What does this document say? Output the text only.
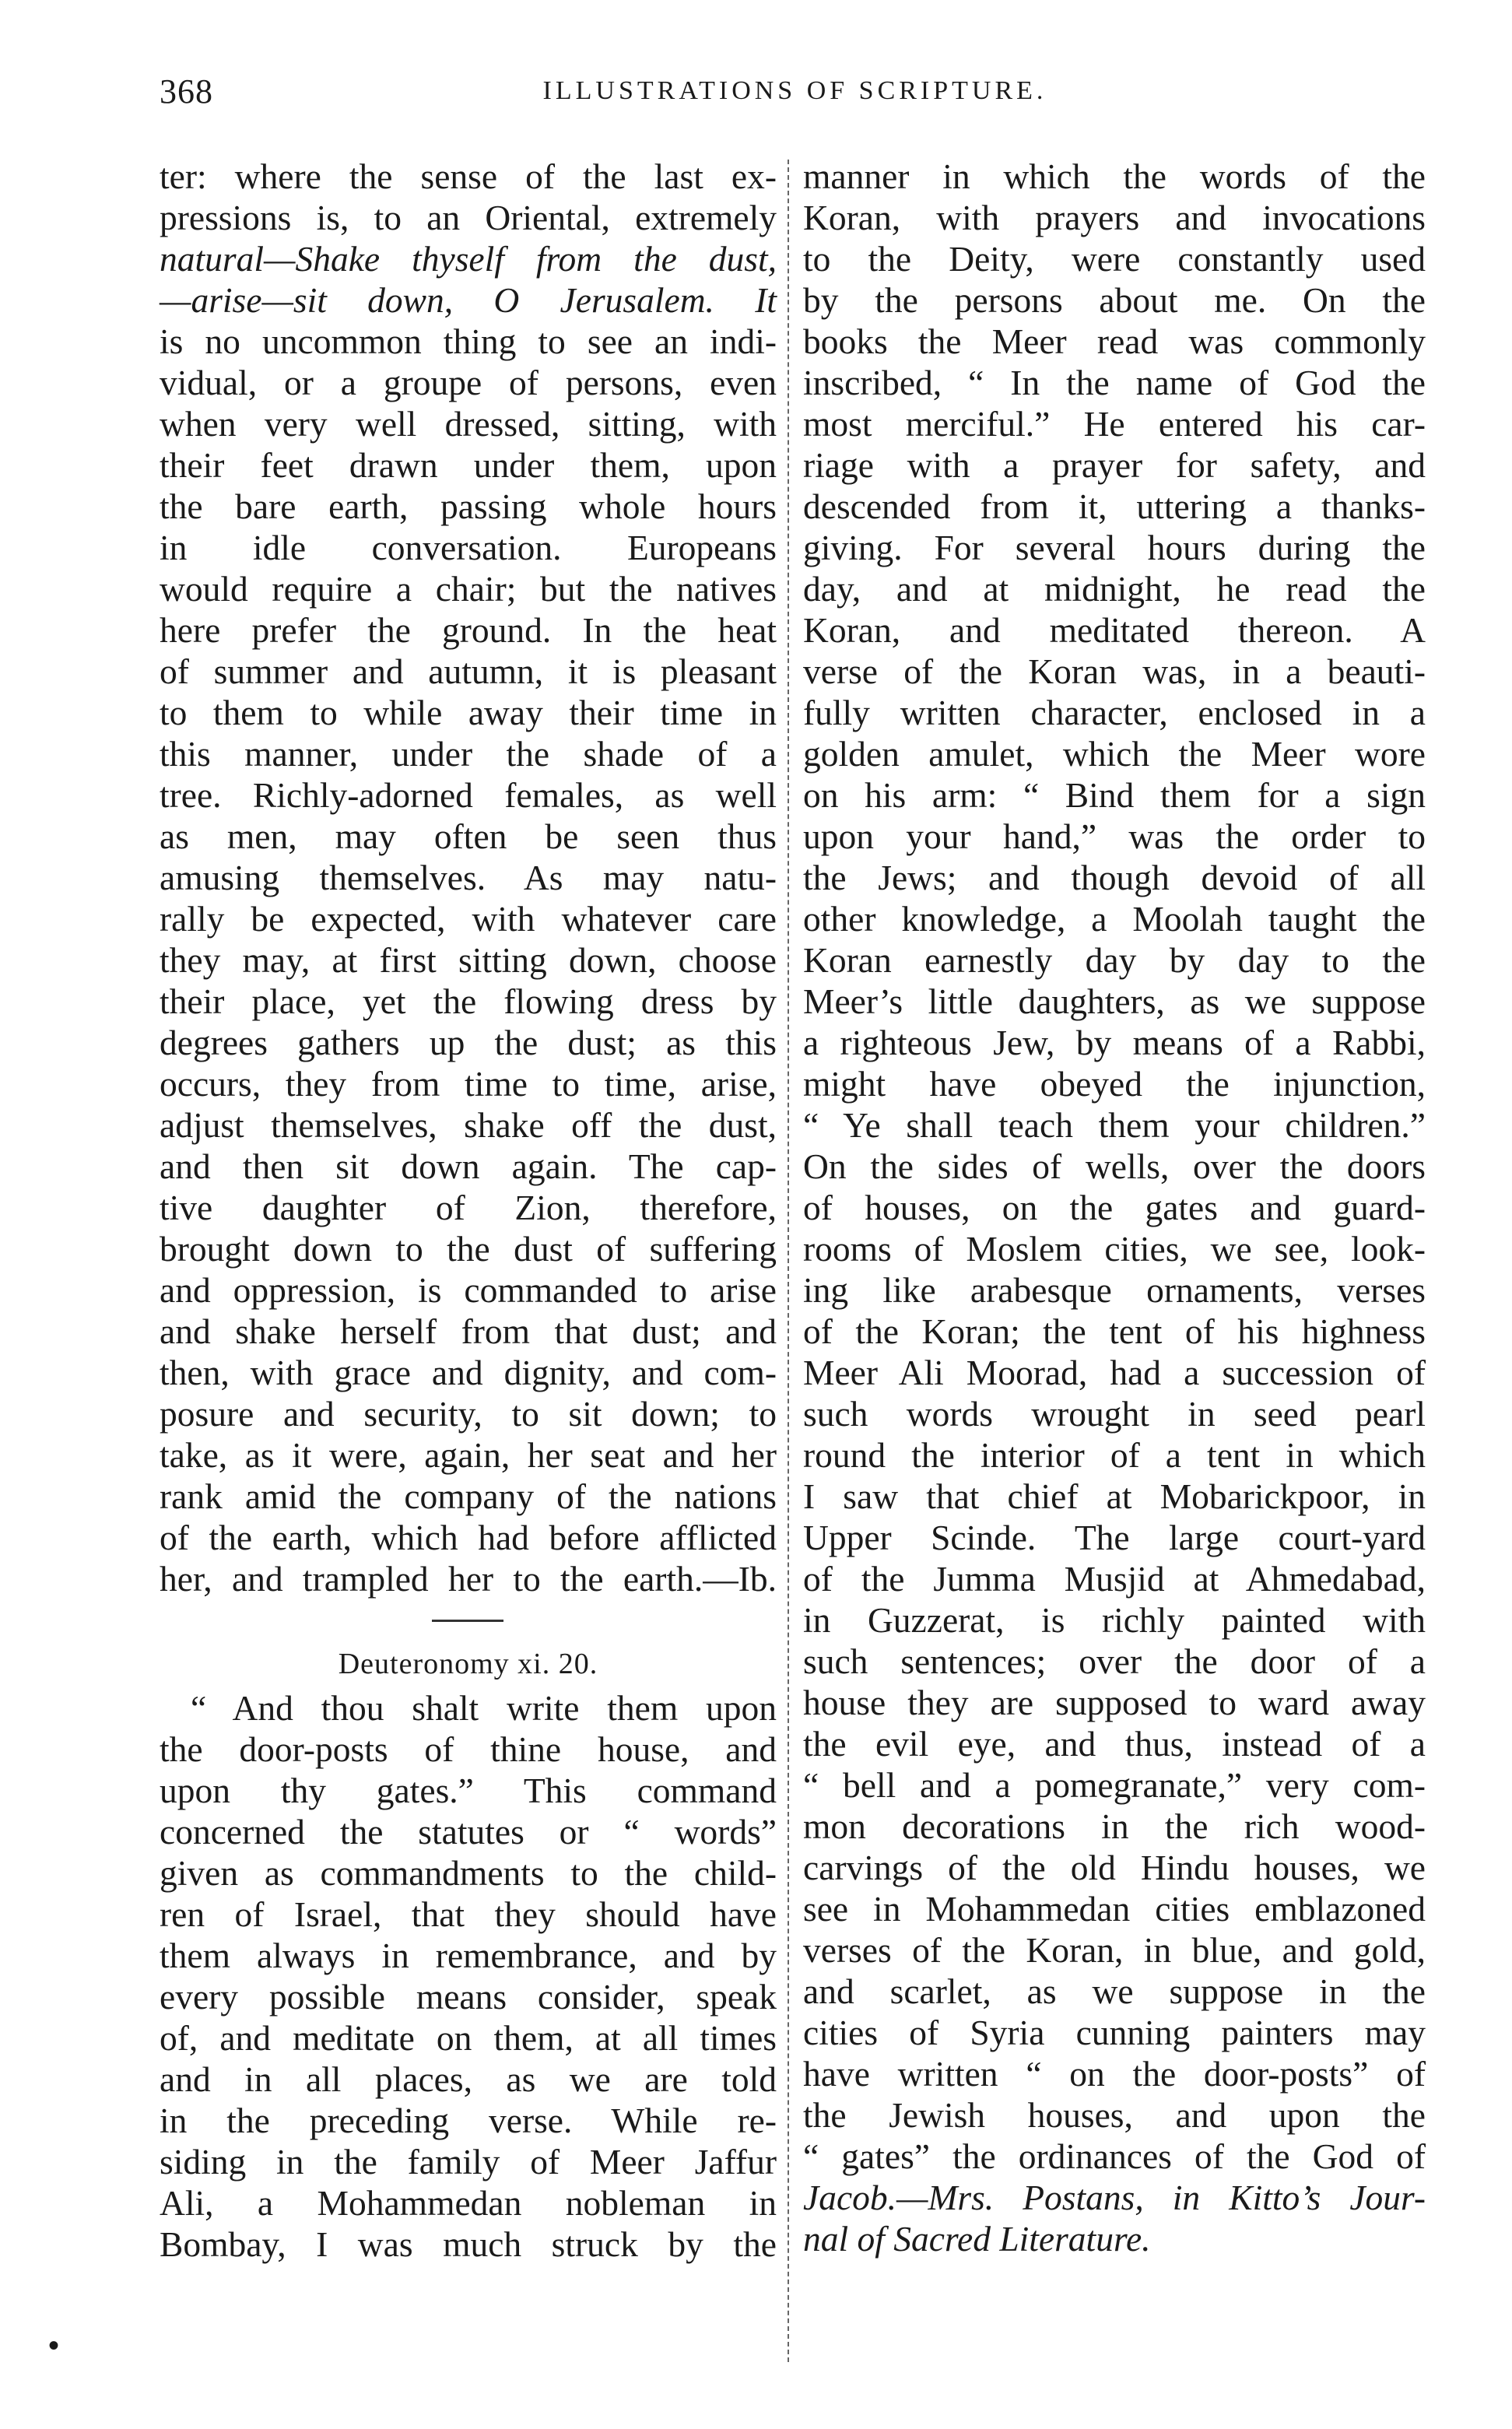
368	ILLUSTRATIONS OF SCRIPTURE.
ter: where the sense of the last ex-
pressions is, to an Oriental, extremely
natural—Shake thyself from the dust,
—arise—sit down, O Jerusalem. It
is no uncommon thing to see an indi-
vidual, or a groupe of persons, even
when very well dressed, sitting, with
their feet drawn under them, upon
the bare earth, passing whole hours
in idle conversation. Europeans
would require a chair; but the natives
here prefer the ground. In the heat
of summer and autumn, it is pleasant
to them to while away their time in
this manner, under the shade of a
tree. Richly-adorned females, as well
as men, may often be seen thus
amusing themselves. As may natu-
rally be expected, with whatever care
they may, at first sitting down, choose
their place, yet the flowing dress by
degrees gathers up the dust; as this
occurs, they from time to time, arise,
adjust themselves, shake off the dust,
and then sit down again. The cap-
tive daughter of Zion, therefore,
brought down to the dust of suffering
and oppression, is commanded to arise
and shake herself from that dust; and
then, with grace and dignity, and com-
posure and security, to sit down; to
take, as it were, again, her seat and her
rank amid the company of the nations
of the earth, which had before afflicted
her, and trampled her to the earth.—Ib.
Deuteronomy xi. 20.
“ And thou shalt write them upon
the door-posts of thine house, and
upon thy gates.” This command
concerned the statutes or “ words”
given as commandments to the child-
ren of Israel, that they should have
them always in remembrance, and by
every possible means consider, speak
of, and meditate on them, at all times
and in all places, as we are told
in the preceding verse. While re-
siding in the family of Meer Jaffur
Ali, a Mohammedan nobleman in
Bombay, I was much struck by the
manner in which the words of the
Koran, with prayers and invocations
to the Deity, were constantly used
by the persons about me. On the
books the Meer read was commonly
inscribed, “ In the name of God the
most merciful.” He entered his car-
riage with a prayer for safety, and
descended from it, uttering a thanks-
giving. For several hours during the
day, and at midnight, he read the
Koran, and meditated thereon. A
verse of the Koran was, in a beauti-
fully written character, enclosed in a
golden amulet, which the Meer wore
on his arm: “ Bind them for a sign
upon your hand,” was the order to
the Jews; and though devoid of all
other knowledge, a Moolah taught the
Koran earnestly day by day to the
Meer’s little daughters, as we suppose
a righteous Jew, by means of a Rabbi,
might have obeyed the injunction,
“ Ye shall teach them your children.”
On the sides of wells, over the doors
of houses, on the gates and guard-
rooms of Moslem cities, we see, look-
ing like arabesque ornaments, verses
of the Koran; the tent of his highness
Meer Ali Moorad, had a succession of
such words wrought in seed pearl
round the interior of a tent in which
I saw that chief at Mobarickpoor, in
Upper Scinde. The large court-yard
of the Jumma Musjid at Ahmedabad,
in Guzzerat, is richly painted with
such sentences; over the door of a
house they are supposed to ward away
the evil eye, and thus, instead of a
“ bell and a pomegranate,” very com-
mon decorations in the rich wood-
carvings of the old Hindu houses, we
see in Mohammedan cities emblazoned
verses of the Koran, in blue, and gold,
and scarlet, as we suppose in the
cities of Syria cunning painters may
have written “ on the door-posts” of
the Jewish houses, and upon the
“ gates” the ordinances of the God of
Jacob.—Mrs. Postans, in Kitto’s Jour-
nal of Sacred Literature.
•
